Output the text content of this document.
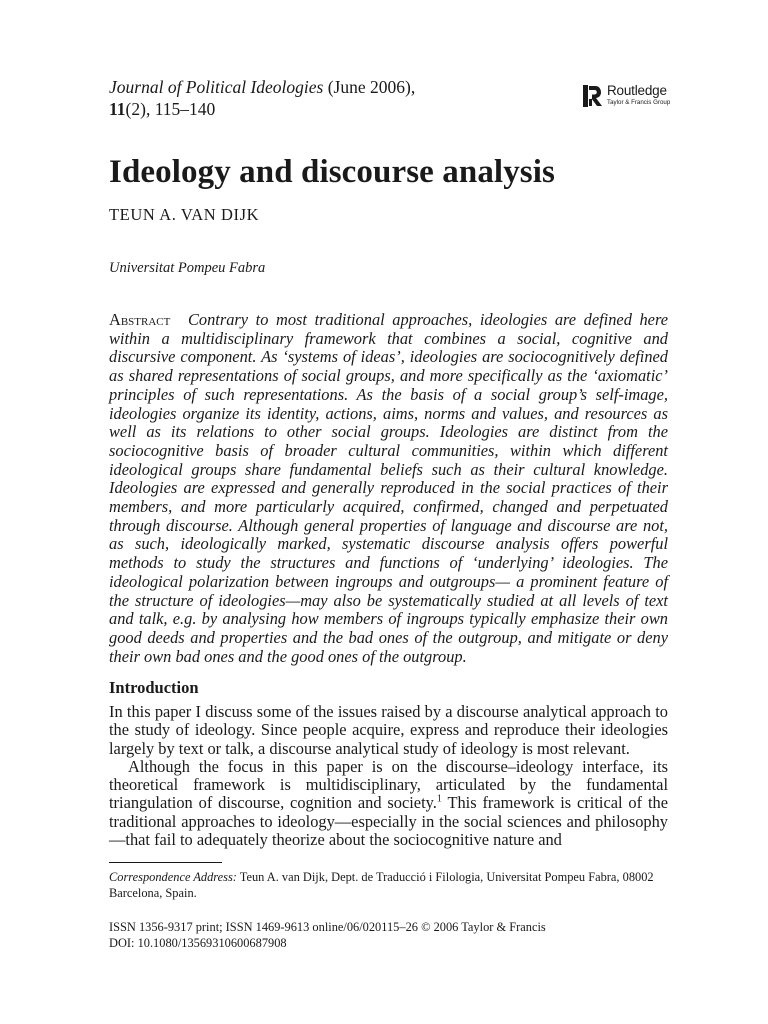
Journal of Political Ideologies (June 2006),
11(2), 115–140
Routledge
Taylor & Francis Group
Ideology and discourse analysis
TEUN A. VAN DIJK
Universitat Pompeu Fabra
Abstract Contrary to most traditional approaches, ideologies are defined here within a multidisciplinary framework that combines a social, cognitive and discursive component. As ‘systems of ideas’, ideologies are sociocognitively defined as shared representations of social groups, and more specifically as the ‘axiomatic’ principles of such representations. As the basis of a social group’s self-image, ideologies organize its identity, actions, aims, norms and values, and resources as well as its relations to other social groups. Ideologies are distinct from the sociocognitive basis of broader cultural communities, within which different ideological groups share fundamental beliefs such as their cultural knowledge. Ideologies are expressed and generally reproduced in the social practices of their members, and more particularly acquired, confirmed, changed and perpetuated through discourse. Although general properties of language and discourse are not, as such, ideologically marked, systematic discourse analysis offers powerful methods to study the structures and functions of ‘underlying’ ideologies. The ideological polarization between ingroups and outgroups— a prominent feature of the structure of ideologies—may also be systematically studied at all levels of text and talk, e.g. by analysing how members of ingroups typically emphasize their own good deeds and properties and the bad ones of the outgroup, and mitigate or deny their own bad ones and the good ones of the outgroup.
Introduction

In this paper I discuss some of the issues raised by a discourse analytical approach to the study of ideology. Since people acquire, express and reproduce their ideologies largely by text or talk, a discourse analytical study of ideology is most relevant.

Although the focus in this paper is on the discourse–ideology interface, its theoretical framework is multidisciplinary, articulated by the fundamental triangulation of discourse, cognition and society.$^1$ This framework is critical of the traditional approaches to ideology—especially in the social sciences and philosophy—that fail to adequately theorize about the sociocognitive nature and

Correspondence Address: Teun A. van Dijk, Dept. de Traducció i Filologia, Universitat Pompeu Fabra, 08002 Barcelona, Spain.
ISSN 1356-9317 print; ISSN 1469-9613 online/06/020115–26 © 2006 Taylor & Francis
DOI: 10.1080/13569310600687908
